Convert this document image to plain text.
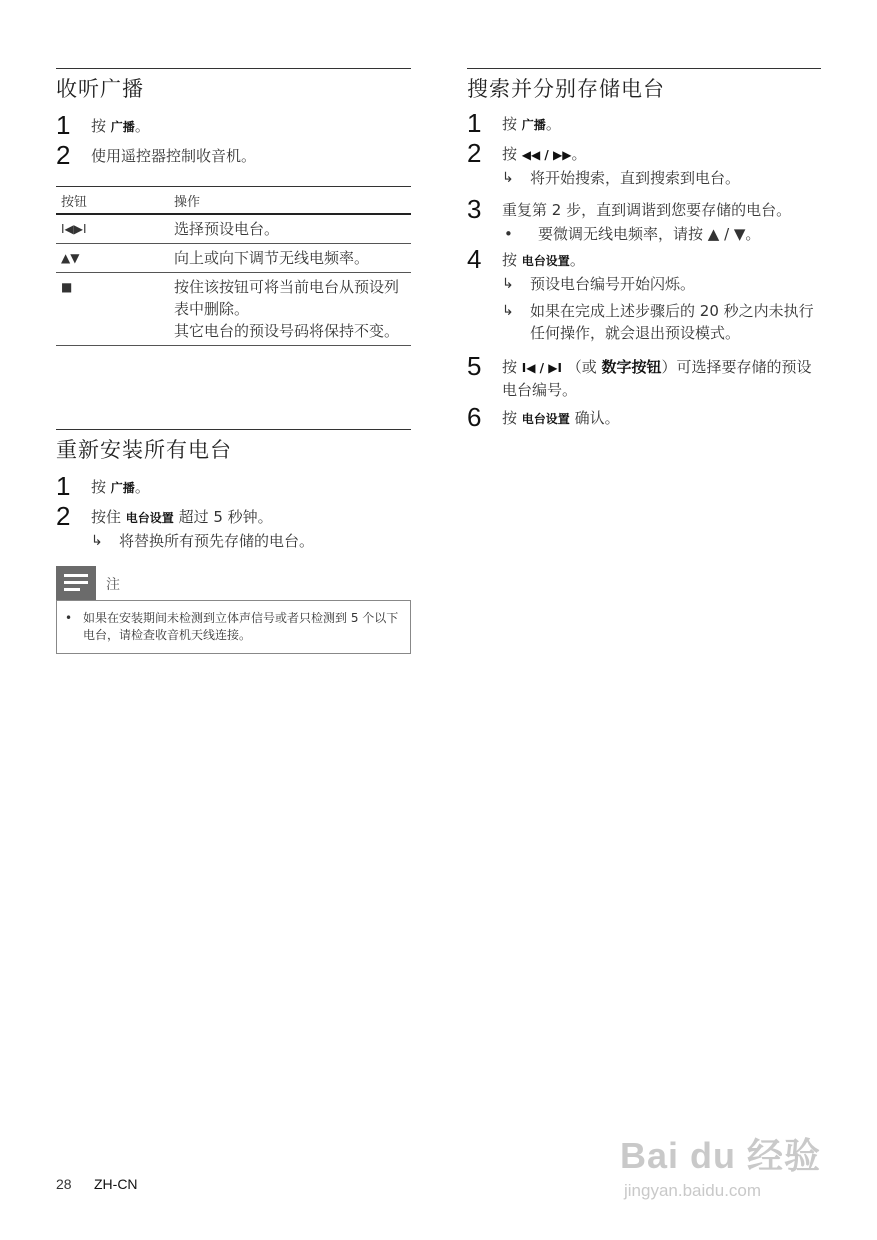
收听广播
1	按 广播。
2	使用遥控器控制收音机。
按钮	操作
I◀▶I	选择预设电台。
▲▼	向上或向下调节无线电频率。
■	按住该按钮可将当前电台从预设列表中删除。
其它电台的预设号码将保持不变。
重新安装所有电台
1	按 广播。
2	按住 电台设置 超过 5 秒钟。
↳	将替换所有预先存储的电台。
注
• 如果在安装期间未检测到立体声信号或者只检测到 5 个以下电台，请检查收音机天线连接。
搜索并分别存储电台
1	按 广播。
2	按 ◀◀ / ▶▶。
↳	将开始搜索，直到搜索到电台。
3	重复第 2 步，直到调谐到您要存储的电台。
•	要微调无线电频率，请按 ▲ / ▼。
4	按 电台设置。
↳	预设电台编号开始闪烁。
↳	如果在完成上述步骤后的 20 秒之内未执行任何操作，就会退出预设模式。
5	按 I◀ / ▶I （或 数字按钮）可选择要存储的预设电台编号。
6	按 电台设置 确认。
28 ZH-CN
Bai du 经验
jingyan.baidu.com
